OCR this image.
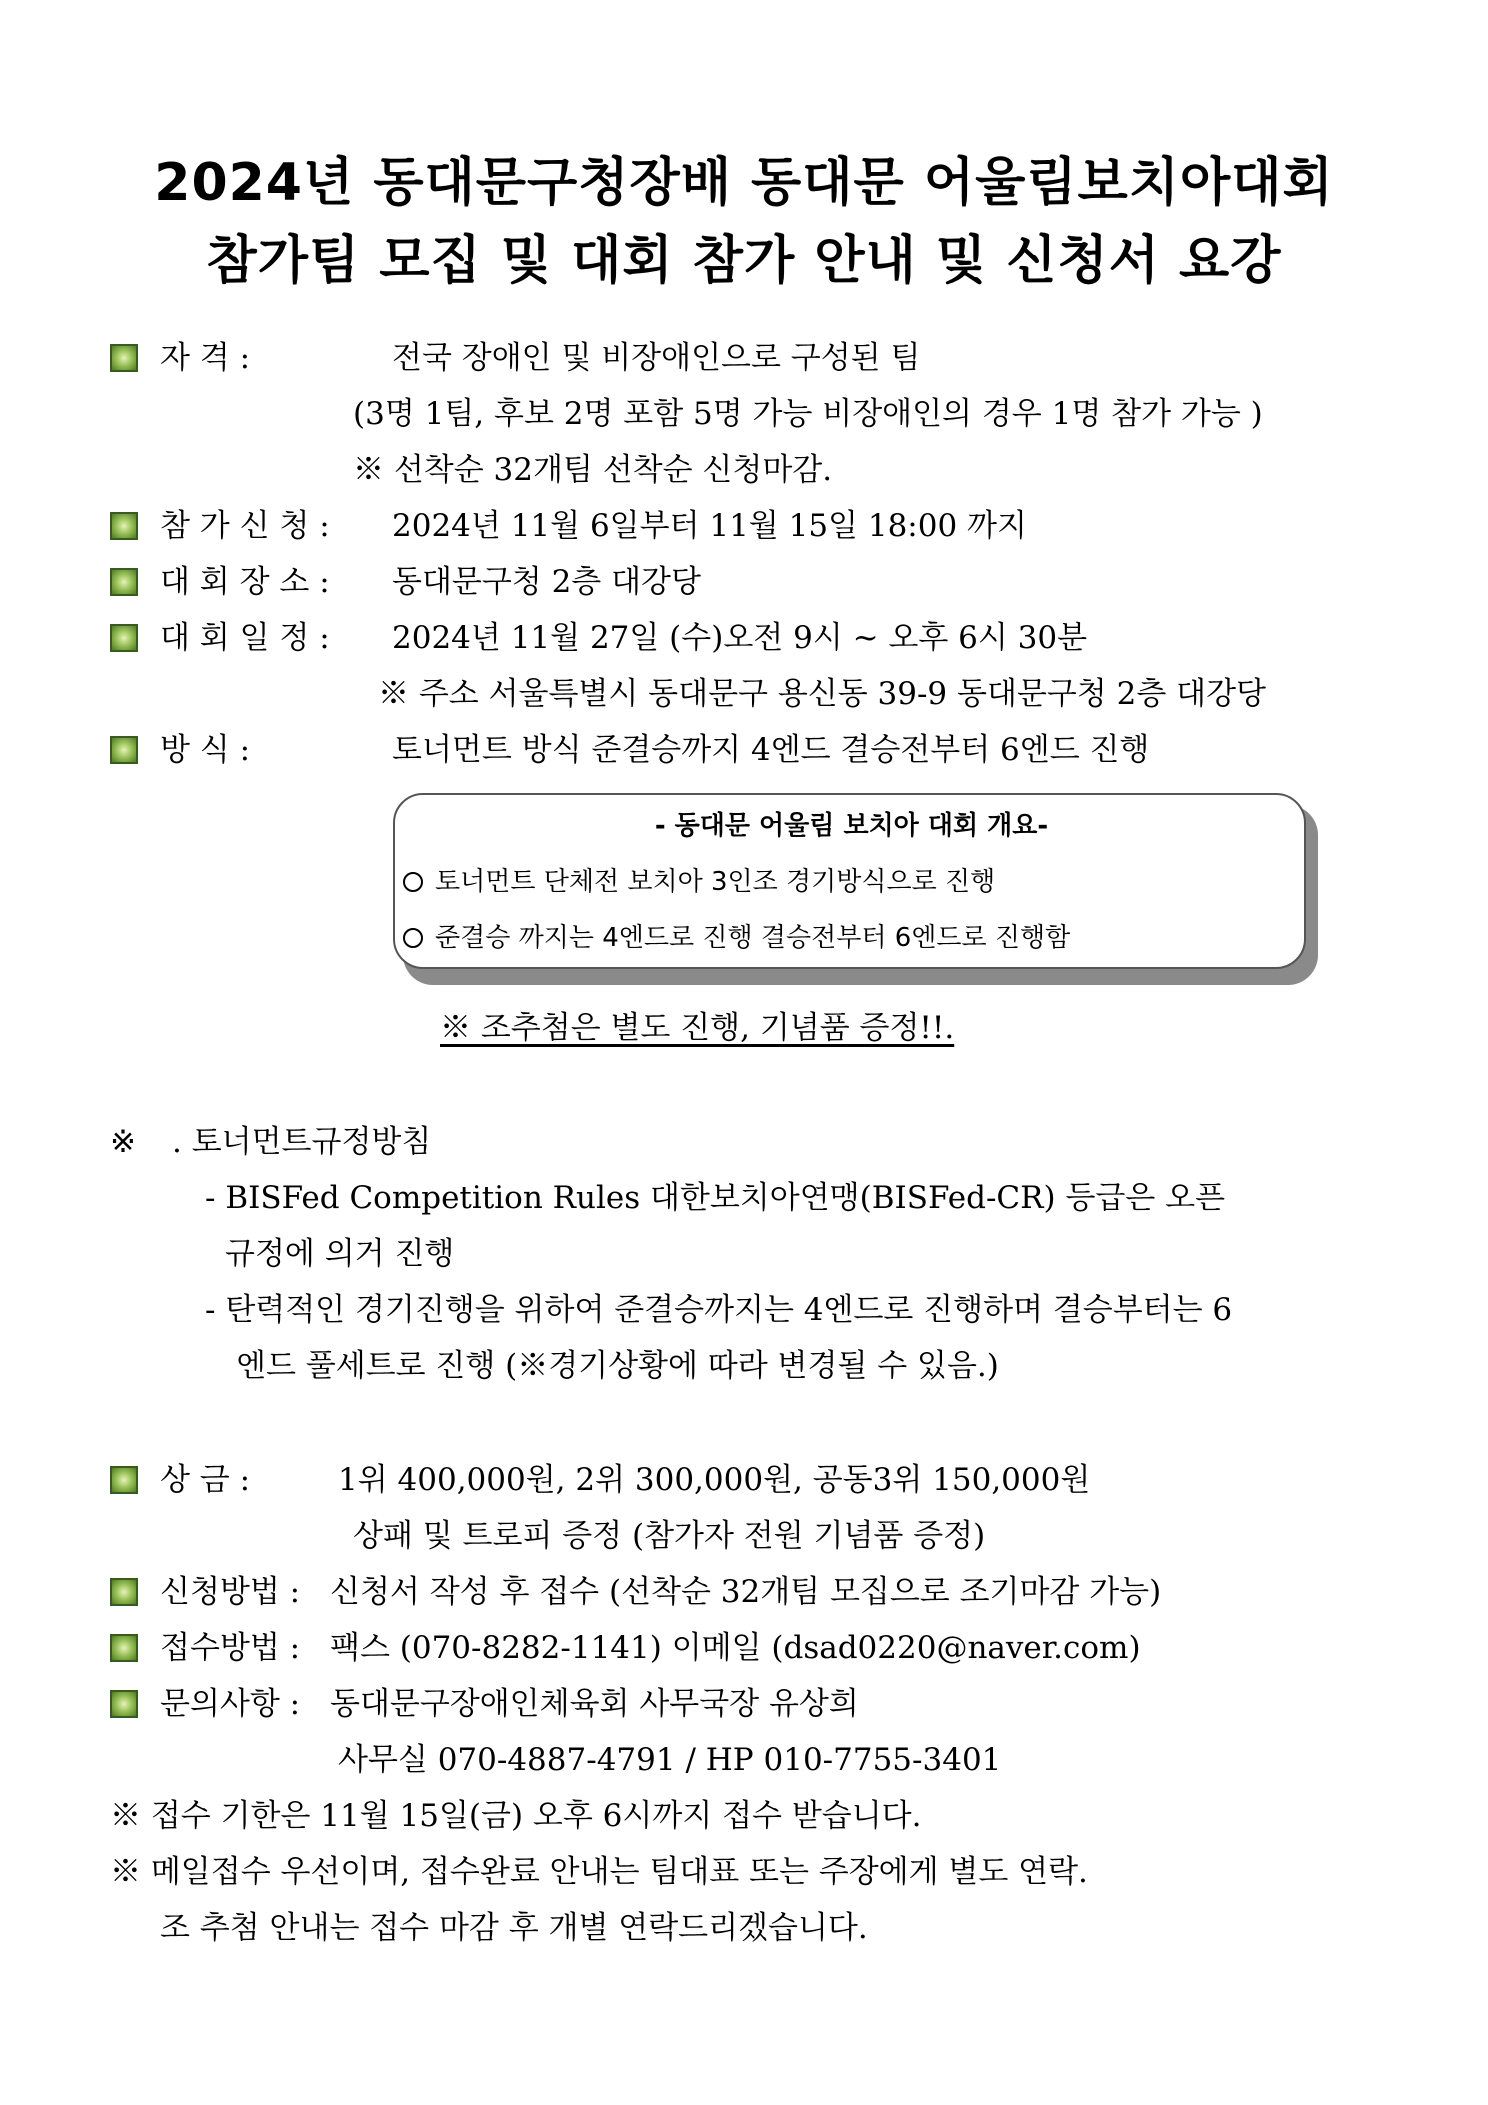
2024년 동대문구청장배 동대문 어울림보치아대회
참가팀 모집 및 대회 참가 안내 및 신청서 요강
자 격 :	전국 장애인 및 비장애인으로 구성된 팀
(3명 1팀, 후보 2명 포함 5명 가능 비장애인의 경우 1명 참가 가능 )
※ 선착순 32개팀 선착순 신청마감.
참 가 신 청 : 2024년 11월 6일부터 11월 15일 18:00 까지
대 회 장 소 : 동대문구청 2층 대강당
대 회 일 정 : 2024년 11월 27일 (수)오전 9시 ~ 오후 6시 30분
※ 주소 서울특별시 동대문구 용신동 39-9 동대문구청 2층 대강당
방 식 :	토너먼트 방식 준결승까지 4엔드 결승전부터 6엔드 진행
- 동대문 어울림 보치아 대회 개요-
토너먼트 단체전 보치아 3인조 경기방식으로 진행
준결승 까지는 4엔드로 진행 결승전부터 6엔드로 진행함
※ 조추첨은 별도 진행, 기념품 증정!!.
※ . 토너먼트규정방침
- BISFed Competition Rules 대한보치아연맹(BISFed-CR) 등급은 오픈
규정에 의거 진행
- 탄력적인 경기진행을 위하여 준결승까지는 4엔드로 진행하며 결승부터는 6
엔드 풀세트로 진행 (※경기상황에 따라 변경될 수 있음.)
상 금 :	1위 400,000원, 2위 300,000원, 공동3위 150,000원
상패 및 트로피 증정 (참가자 전원 기념품 증정)
신청방법 : 신청서 작성 후 접수 (선착순 32개팀 모집으로 조기마감 가능)
접수방법 : 팩스 (070-8282-1141) 이메일 (dsad0220@naver.com)
문의사항 : 동대문구장애인체육회 사무국장 유상희
사무실 070-4887-4791 / HP 010-7755-3401
※ 접수 기한은 11월 15일(금) 오후 6시까지 접수 받습니다.
※ 메일접수 우선이며, 접수완료 안내는 팀대표 또는 주장에게 별도 연락.
조 추첨 안내는 접수 마감 후 개별 연락드리겠습니다.
